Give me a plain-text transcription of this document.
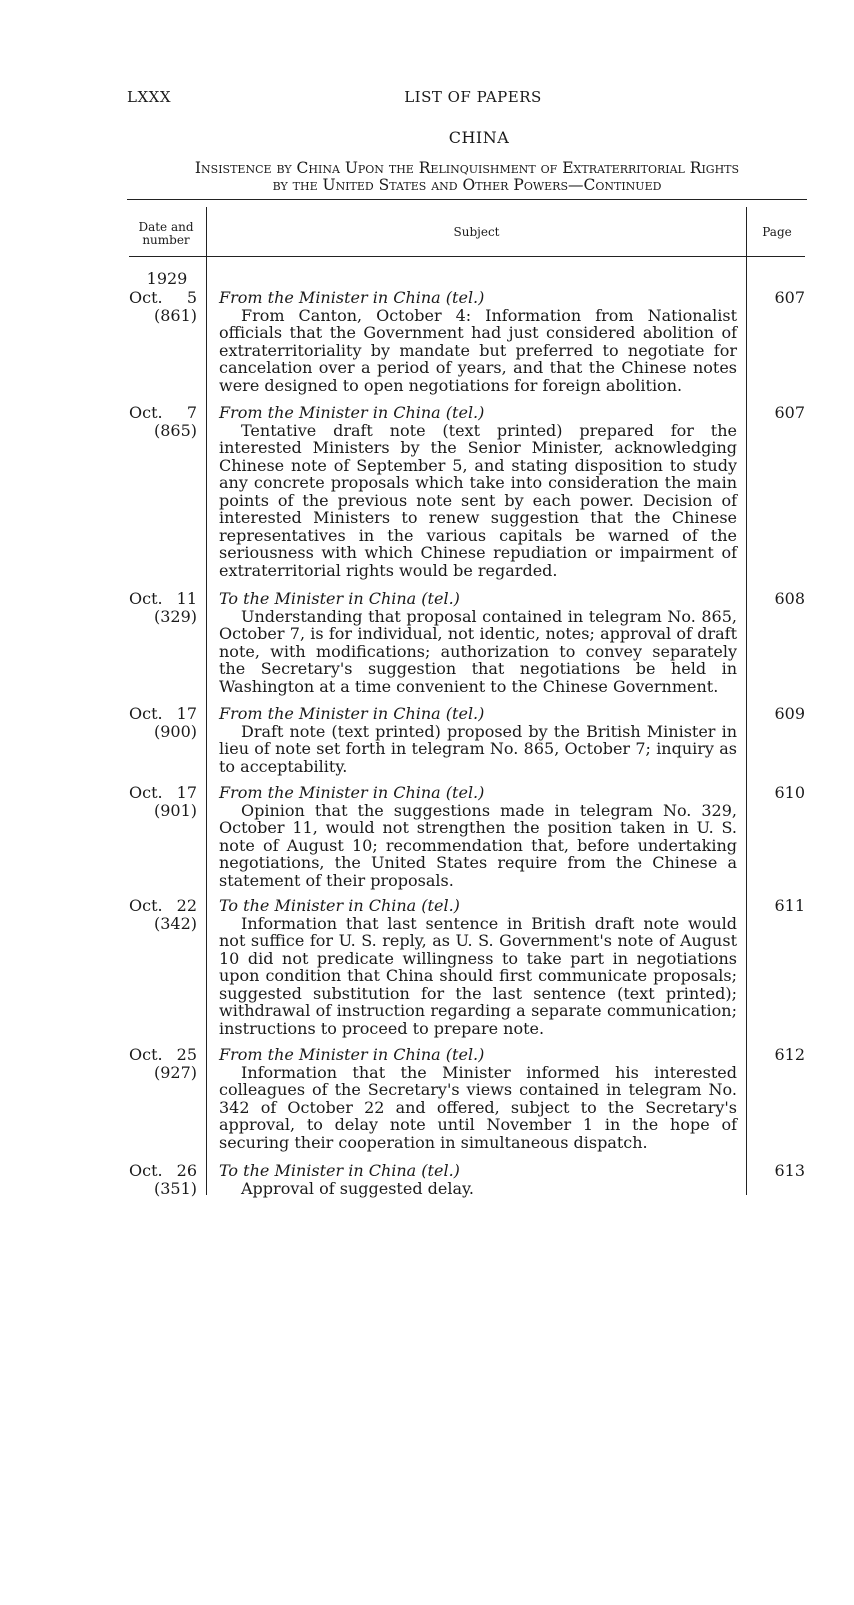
LXXX	LIST OF PAPERS
CHINA
Insistence by China Upon the Relinquishment of Extraterritorial Rights
by the United States and Other Powers—Continued
Date and number
Subject	Page
1929
Oct. 5
(861)
From the Minister in China (tel.)
From Canton, October 4: Information from Nationalist officials that the Government had just considered abolition of extraterritoriality by mandate but preferred to negotiate for cancelation over a period of years, and that the Chinese notes were designed to open negotiations for foreign abolition.
607
Oct. 7
(865)
From the Minister in China (tel.)
Tentative draft note (text printed) prepared for the interested Ministers by the Senior Minister, acknowledging Chinese note of September 5, and stating disposition to study any concrete proposals which take into consideration the main points of the previous note sent by each power. Decision of interested Ministers to renew suggestion that the Chinese representatives in the various capitals be warned of the seriousness with which Chinese repudiation or impairment of extraterritorial rights would be regarded.
607
Oct. 11
(329)
To the Minister in China (tel.)
Understanding that proposal contained in telegram No. 865, October 7, is for individual, not identic, notes; approval of draft note, with modifications; authorization to convey separately the Secretary's suggestion that negotiations be held in Washington at a time convenient to the Chinese Government.
608
Oct. 17
(900)
From the Minister in China (tel.)
Draft note (text printed) proposed by the British Minister in lieu of note set forth in telegram No. 865, October 7; inquiry as to acceptability.
609
Oct. 17
(901)
From the Minister in China (tel.)
Opinion that the suggestions made in telegram No. 329, October 11, would not strengthen the position taken in U. S. note of August 10; recommendation that, before undertaking negotiations, the United States require from the Chinese a statement of their proposals.
610
Oct. 22
(342)
To the Minister in China (tel.)
Information that last sentence in British draft note would not suffice for U. S. reply, as U. S. Government's note of August 10 did not predicate willingness to take part in negotiations upon condition that China should first communicate proposals; suggested substitution for the last sentence (text printed); withdrawal of instruction regarding a separate communication; instructions to proceed to prepare note.
611
Oct. 25
(927)
From the Minister in China (tel.)
Information that the Minister informed his interested colleagues of the Secretary's views contained in telegram No. 342 of October 22 and offered, subject to the Secretary's approval, to delay note until November 1 in the hope of securing their cooperation in simultaneous dispatch.
612
Oct. 26
(351)
To the Minister in China (tel.)
Approval of suggested delay.
613
